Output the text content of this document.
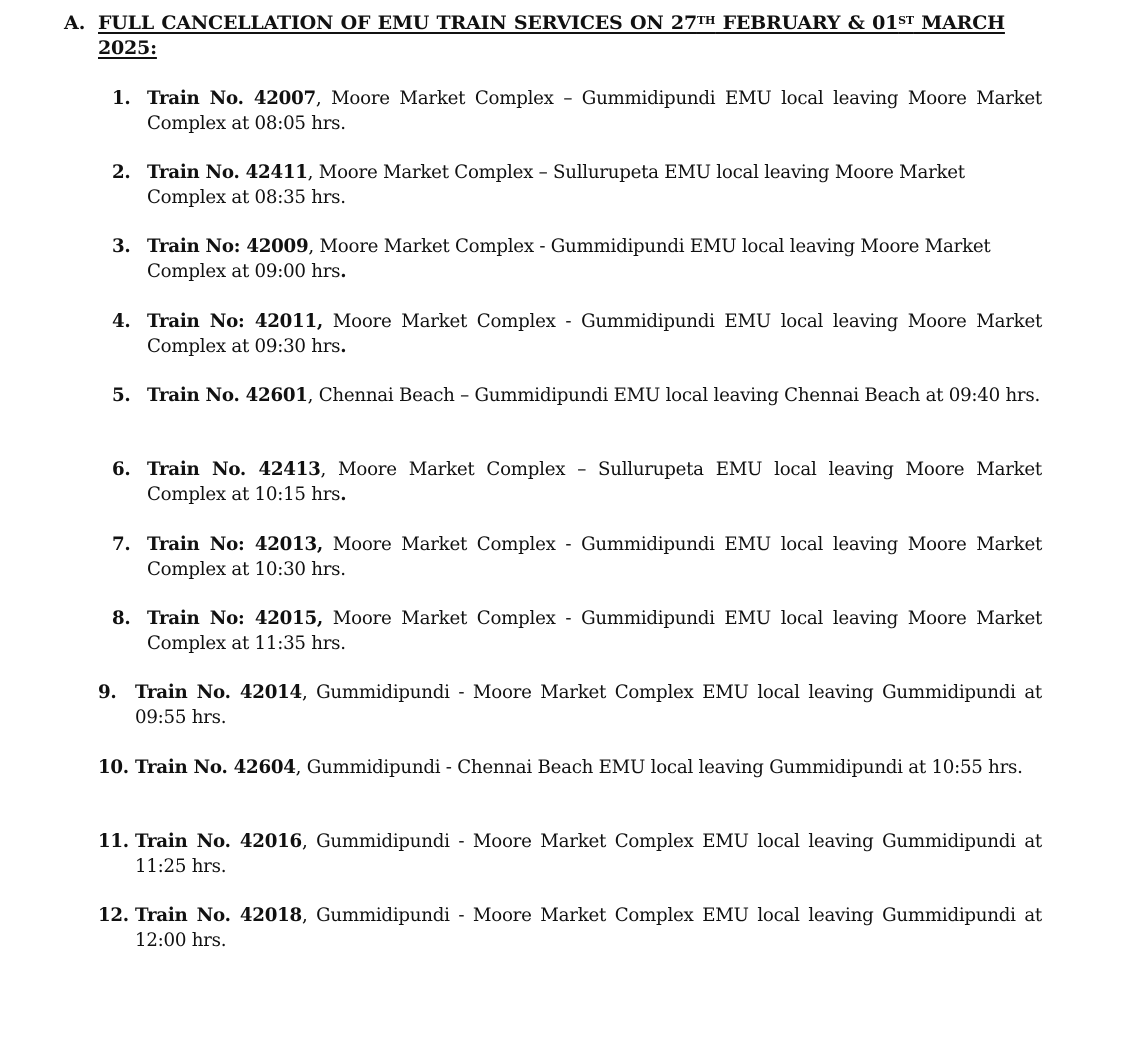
A. FULL CANCELLATION OF EMU TRAIN SERVICES ON 27TH FEBRUARY & 01ST MARCH 2025:
1. Train No. 42007, Moore Market Complex – Gummidipundi EMU local leaving Moore Market Complex at 08:05 hrs.
2. Train No. 42411, Moore Market Complex – Sullurupeta EMU local leaving Moore Market Complex at 08:35 hrs.
3. Train No: 42009, Moore Market Complex - Gummidipundi EMU local leaving Moore Market Complex at 09:00 hrs.
4. Train No: 42011, Moore Market Complex - Gummidipundi EMU local leaving Moore Market Complex at 09:30 hrs.
5. Train No. 42601, Chennai Beach – Gummidipundi EMU local leaving Chennai Beach at 09:40 hrs.
6. Train No. 42413, Moore Market Complex – Sullurupeta EMU local leaving Moore Market Complex at 10:15 hrs.
7. Train No: 42013, Moore Market Complex - Gummidipundi EMU local leaving Moore Market Complex at 10:30 hrs.
8. Train No: 42015, Moore Market Complex - Gummidipundi EMU local leaving Moore Market Complex at 11:35 hrs.
9. Train No. 42014, Gummidipundi - Moore Market Complex EMU local leaving Gummidipundi at 09:55 hrs.
10. Train No. 42604, Gummidipundi - Chennai Beach EMU local leaving Gummidipundi at 10:55 hrs.
11. Train No. 42016, Gummidipundi - Moore Market Complex EMU local leaving Gummidipundi at 11:25 hrs.
12. Train No. 42018, Gummidipundi - Moore Market Complex EMU local leaving Gummidipundi at 12:00 hrs.
